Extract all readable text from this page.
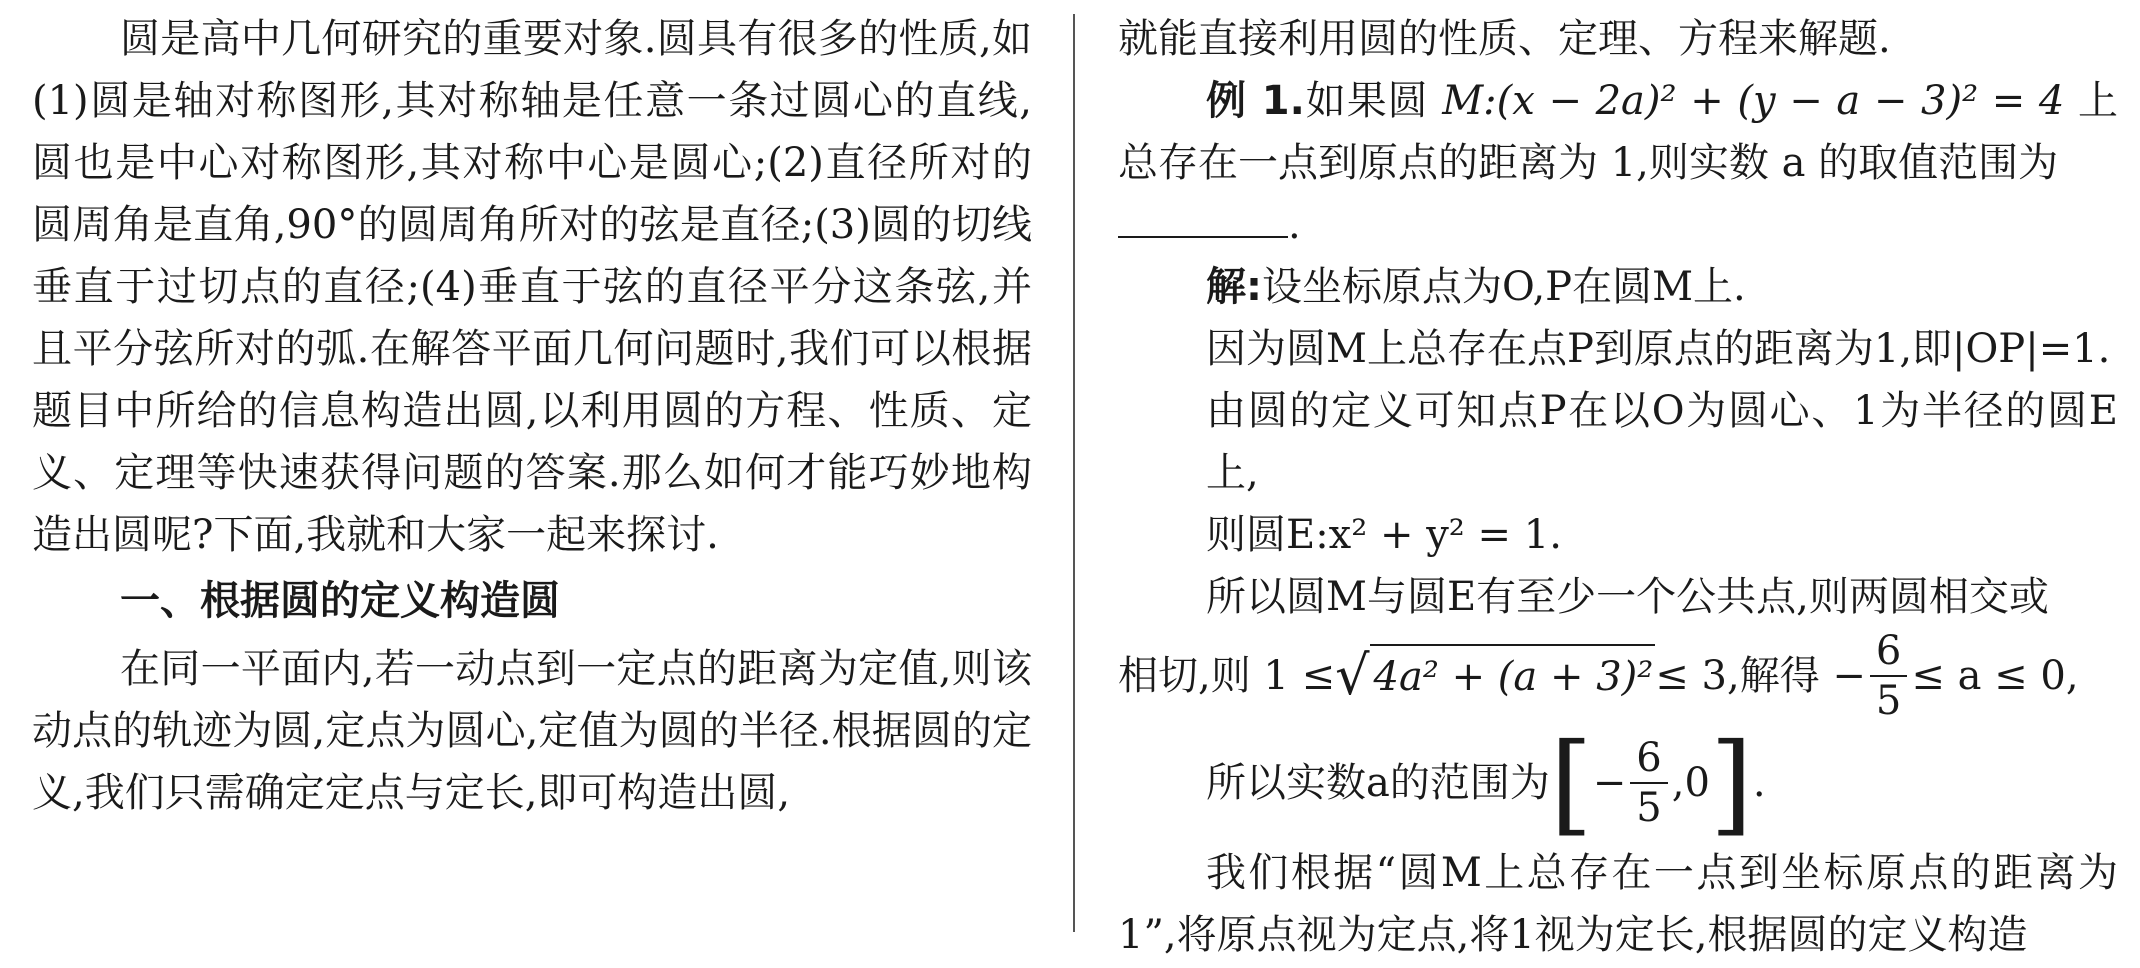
圆是高中几何研究的重要对象.圆具有很多的性质,如(1)圆是轴对称图形,其对称轴是任意一条过圆心的直线,圆也是中心对称图形,其对称中心是圆心;(2)直径所对的圆周角是直角,90°的圆周角所对的弦是直径;(3)圆的切线垂直于过切点的直径;(4)垂直于弦的直径平分这条弦,并且平分弦所对的弧.在解答平面几何问题时,我们可以根据题目中所给的信息构造出圆,以利用圆的方程、性质、定义、定理等快速获得问题的答案.那么如何才能巧妙地构造出圆呢?下面,我就和大家一起来探讨.

一、根据圆的定义构造圆

在同一平面内,若一动点到一定点的距离为定值,则该动点的轨迹为圆,定点为圆心,定值为圆的半径.根据圆的定义,我们只需确定定点与定长,即可构造出圆,

就能直接利用圆的性质、定理、方程来解题.

例 1.如果圆 M:(x − 2a)² + (y − a − 3)² = 4 上总存在一点到原点的距离为 1,则实数 a 的取值范围为
.

解:设坐标原点为O,P在圆M上.

因为圆M上总存在点P到原点的距离为1,即|OP|=1.

由圆的定义可知点P在以O为圆心、1为半径的圆E上,

则圆E:x² + y² = 1.

所以圆M与圆E有至少一个公共点,则两圆相交或

相切,则 1 ≤ √ 4a² + (a + 3)² ≤ 3,解得 − $\frac{6}{5} \le a \le 0$,

所以实数a的范围为 [ − $\frac{6}{5} ,0$ ] .

我们根据“圆M上总存在一点到坐标原点的距离为1”,将原点视为定点,将1视为定长,根据圆的定义构造
